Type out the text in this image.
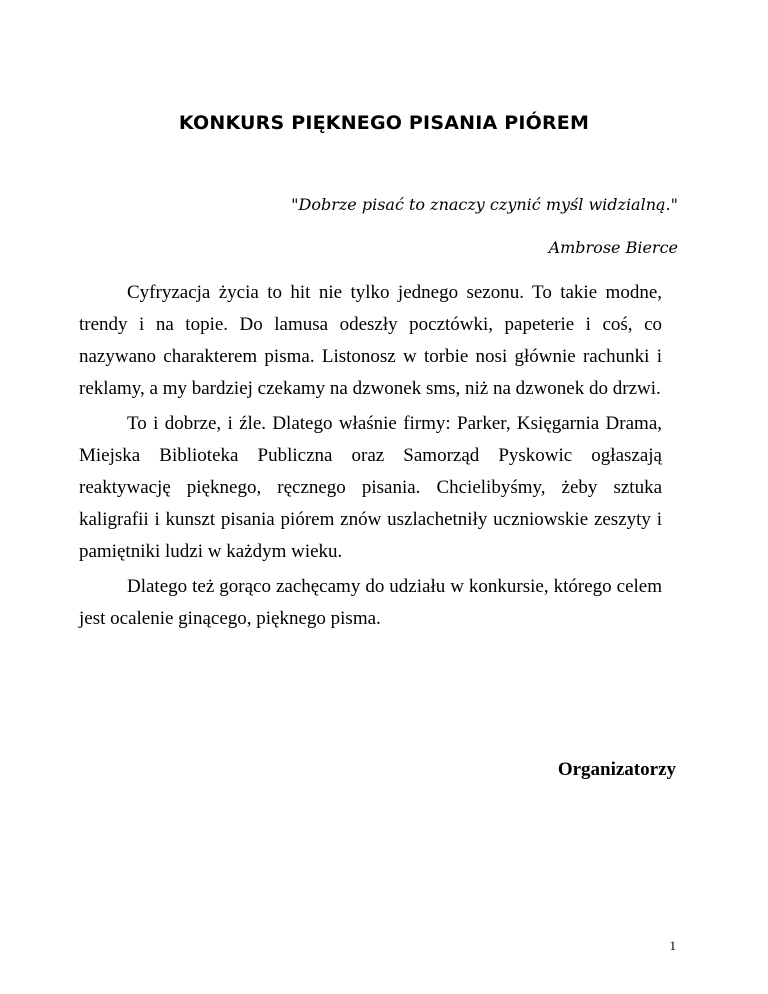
KONKURS PIĘKNEGO PISANIA PIÓREM
"Dobrze pisać to znaczy czynić myśl widzialną."
Ambrose Bierce

Cyfryzacja życia to hit nie tylko jednego sezonu. To takie modne, trendy i na topie. Do lamusa odeszły pocztówki, papeterie i coś, co nazywano charakterem pisma. Listonosz w torbie nosi głównie rachunki i reklamy, a my bardziej czekamy na dzwonek sms, niż na dzwonek do drzwi.

To i dobrze, i źle. Dlatego właśnie firmy: Parker, Księgarnia Drama, Miejska Biblioteka Publiczna oraz Samorząd Pyskowic ogłaszają reaktywację pięknego, ręcznego pisania. Chcielibyśmy, żeby sztuka kaligrafii i kunszt pisania piórem znów uszlachetniły uczniowskie zeszyty i pamiętniki ludzi w każdym wieku.

Dlatego też gorąco zachęcamy do udziału w konkursie, którego celem jest ocalenie ginącego, pięknego pisma.

Organizatorzy
1
